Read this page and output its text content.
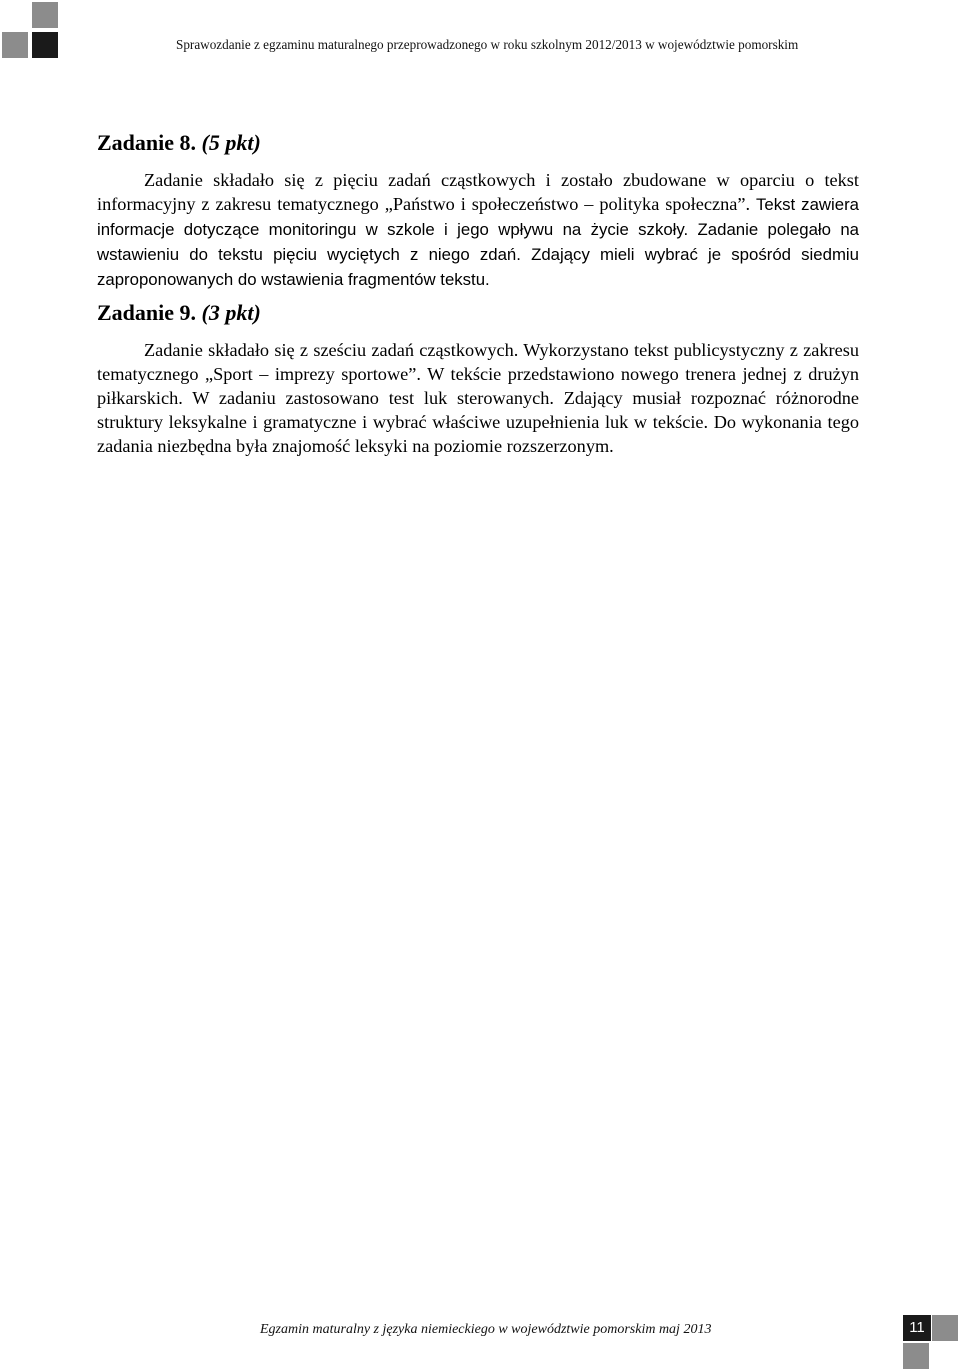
Sprawozdanie z egzaminu maturalnego przeprowadzonego w roku szkolnym 2012/2013 w województwie pomorskim
Zadanie 8. (5 pkt)

Zadanie składało się z pięciu zadań cząstkowych i zostało zbudowane w oparciu o tekst informacyjny z zakresu tematycznego „Państwo i społeczeństwo – polityka społeczna”. Tekst zawiera informacje dotyczące monitoringu w szkole i jego wpływu na życie szkoły. Zadanie polegało na wstawieniu do tekstu pięciu wyciętych z niego zdań. Zdający mieli wybrać je spośród siedmiu zaproponowanych do wstawienia fragmentów tekstu.

Zadanie 9. (3 pkt)

Zadanie składało się z sześciu zadań cząstkowych. Wykorzystano tekst publicystyczny z zakresu tematycznego „Sport – imprezy sportowe”. W tekście przedstawiono nowego trenera jednej z drużyn piłkarskich. W zadaniu zastosowano test luk sterowanych. Zdający musiał rozpoznać różnorodne struktury leksykalne i gramatyczne i wybrać właściwe uzupełnienia luk w tekście. Do wykonania tego zadania niezbędna była znajomość leksyki na poziomie rozszerzonym.

Egzamin maturalny z języka niemieckiego w województwie pomorskim maj 2013	11
